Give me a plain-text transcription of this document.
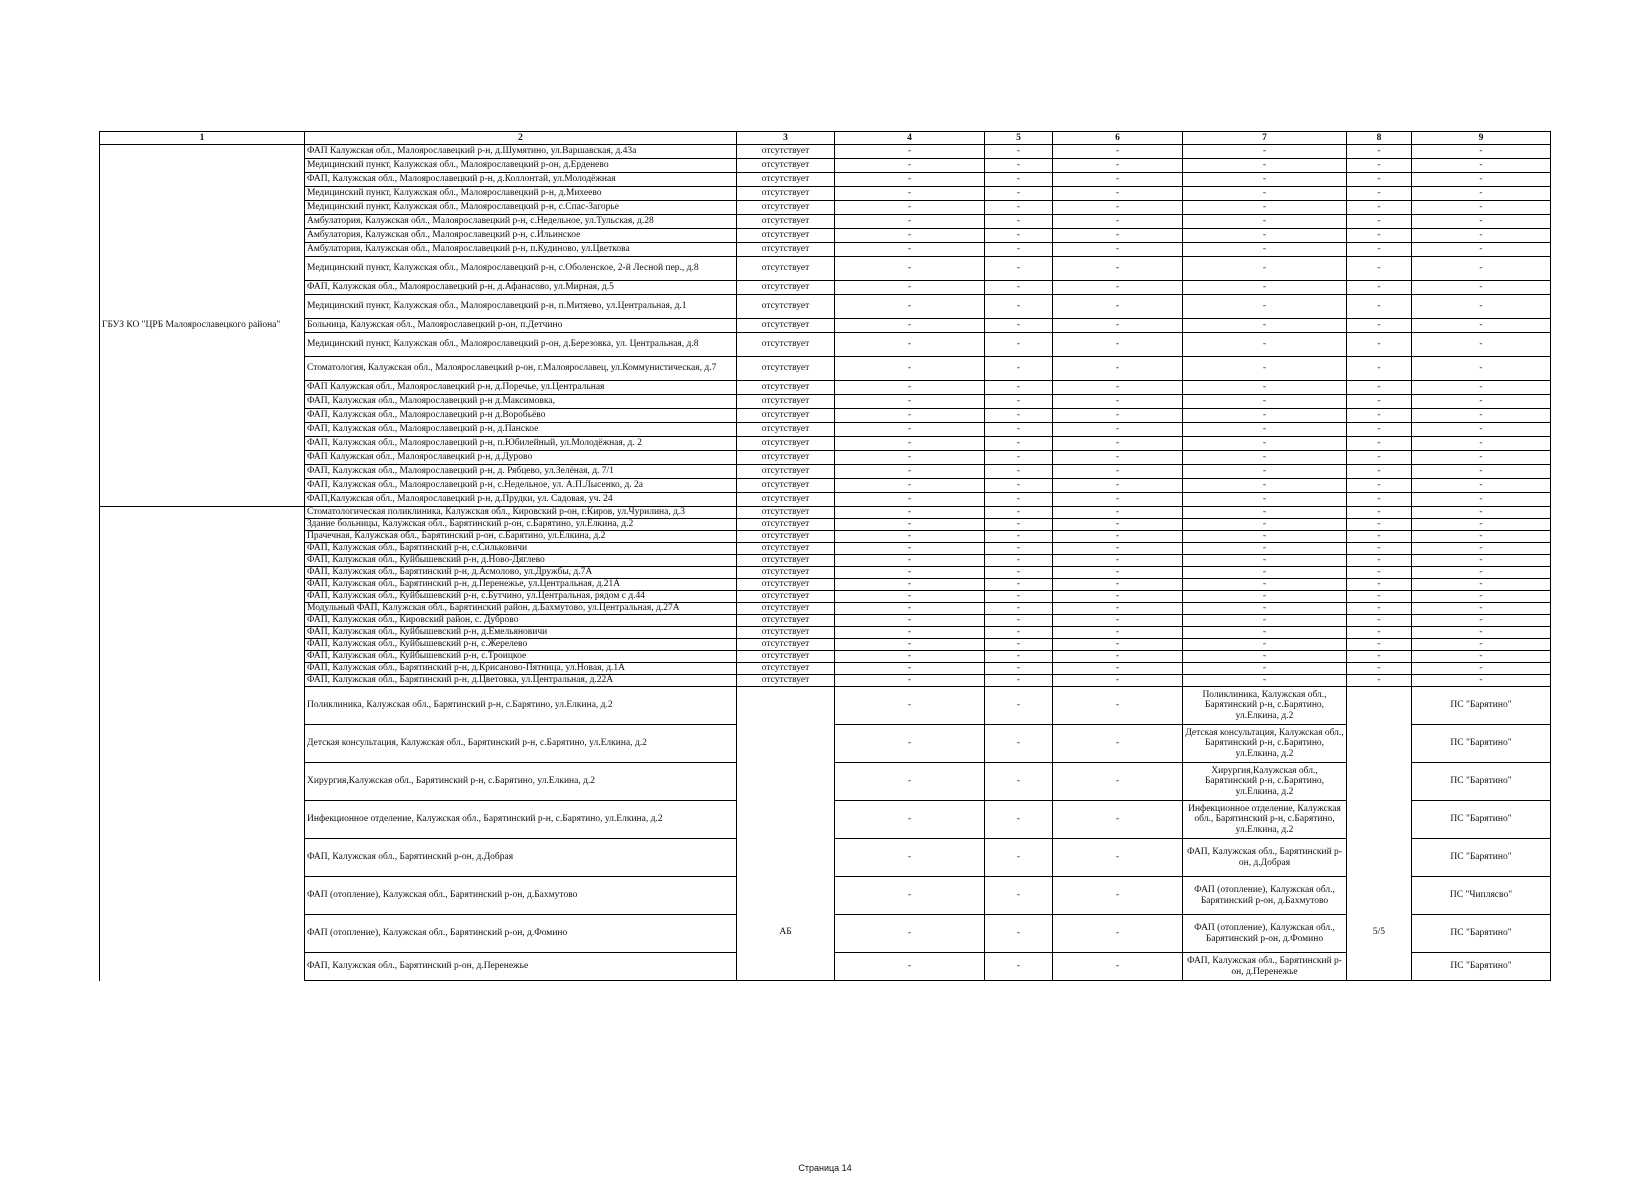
1	2	3	4	5	6	7	8	9
ГБУЗ КО "ЦРБ Малоярославецкого района"	ФАП Калужская обл., Малоярославецкий р-н, д.Шумятино, ул.Варшавская, д.43а	отсутствует	-	-	-	-	-	-
	Медицинский пункт, Калужская обл., Малоярославецкий р-он, д.Ерденево	отсутствует	-	-	-	-	-	-
	ФАП, Калужская обл., Малоярославецкий р-н, д.Коллонтай, ул.Молодёжная	отсутствует	-	-	-	-	-	-
	Медицинский пункт, Калужская обл., Малоярославецкий р-н, д.Михеево	отсутствует	-	-	-	-	-	-
	Медицинский пункт, Калужская обл., Малоярославецкий р-н, с.Спас-Загорье	отсутствует	-	-	-	-	-	-
	Амбулатория, Калужская обл., Малоярославецкий р-н, с.Недельное, ул.Тульская, д.28	отсутствует	-	-	-	-	-	-
	Амбулатория, Калужская обл., Малоярославецкий р-н, с.Ильинское	отсутствует	-	-	-	-	-	-
	Амбулатория, Калужская обл., Малоярославецкий р-н, п.Кудиново, ул.Цветкова	отсутствует	-	-	-	-	-	-
	Медицинский пункт, Калужская обл., Малоярославецкий р-н, с.Оболенское, 2-й Лесной пер., д.8	отсутствует	-	-	-	-	-	-
	ФАП, Калужская обл., Малоярославецкий р-н, д.Афанасово, ул.Мирная, д.5	отсутствует	-	-	-	-	-	-
	Медицинский пункт, Калужская обл., Малоярославецкий р-н, п.Митяево, ул.Центральная, д.1	отсутствует	-	-	-	-	-	-
	Больница, Калужская обл., Малоярославецкий р-он, п.Детчино	отсутствует	-	-	-	-	-	-
	Медицинский пункт, Калужская обл., Малоярославецкий р-он, д.Березовка, ул. Центральная, д.8	отсутствует	-	-	-	-	-	-
	Стоматология, Калужская обл., Малоярославецкий р-он, г.Малоярославец, ул.Коммунистическая, д.7	отсутствует	-	-	-	-	-	-
	ФАП Калужская обл., Малоярославецкий р-н, д.Поречье, ул.Центральная	отсутствует	-	-	-	-	-	-
	ФАП, Калужская обл., Малоярославецкий р-н д.Максимовка,	отсутствует	-	-	-	-	-	-
	ФАП, Калужская обл., Малоярославецкий р-н д.Воробьёво	отсутствует	-	-	-	-	-	-
	ФАП, Калужская обл., Малоярославецкий р-н, д.Панское	отсутствует	-	-	-	-	-	-
	ФАП, Калужская обл., Малоярославецкий р-н, п.Юбилейный, ул.Молодёжная, д. 2	отсутствует	-	-	-	-	-	-
	ФАП Калужская обл., Малоярославецкий р-н, д.Дурово	отсутствует	-	-	-	-	-	-
	ФАП, Калужская обл., Малоярославецкий р-н, д. Рябцево, ул.Зелёная, д. 7/1	отсутствует	-	-	-	-	-	-
	ФАП, Калужская обл., Малоярославецкий р-н, с.Недельное, ул. А.П.Лысенко, д. 2а	отсутствует	-	-	-	-	-	-
	ФАП,Калужская обл., Малоярославецкий р-н, д.Прудки, ул. Садовая, уч. 24	отсутствует	-	-	-	-	-	-
	Стоматологическая поликлиника, Калужская обл., Кировский р-он, г.Киров, ул.Чурилина, д.3	отсутствует	-	-	-	-	-	-
	Здание больницы, Калужская обл., Барятинский р-он, с.Барятино, ул.Елкина, д.2	отсутствует	-	-	-	-	-	-
	Прачечная, Калужская обл., Барятинский р-он, с.Барятино, ул.Елкина, д.2	отсутствует	-	-	-	-	-	-
	ФАП, Калужская обл., Барятинский р-н, с.Сильковичи	отсутствует	-	-	-	-	-	-
	ФАП, Калужская обл., Куйбышевский р-н, д.Ново-Дяглево	отсутствует	-	-	-	-	-	-
	ФАП, Калужская обл., Барятинский р-н, д.Асмолово, ул.Дружбы, д.7А	отсутствует	-	-	-	-	-	-
	ФАП, Калужская обл., Барятинский р-н, д.Перенежье, ул.Центральная, д.21А	отсутствует	-	-	-	-	-	-
	ФАП, Калужская обл., Куйбышевский р-н, с.Бутчино, ул.Центральная, рядом с д.44	отсутствует	-	-	-	-	-	-
	Модульный ФАП, Калужская обл., Барятинский район, д.Бахмутово, ул.Центральная, д.27А	отсутствует	-	-	-	-	-	-
	ФАП, Калужская обл., Кировский район, с. Дуброво	отсутствует	-	-	-	-	-	-
	ФАП, Калужская обл., Куйбышевский р-н, д.Емельяновичи	отсутствует	-	-	-	-	-	-
	ФАП, Калужская обл., Куйбышевский р-н, с.Жерелево	отсутствует	-	-	-	-	-	-
	ФАП, Калужская обл., Куйбышевский р-н, с.Троицкое	отсутствует	-	-	-	-	-	-
	ФАП, Калужская обл., Барятинский р-н, д.Крисаново-Пятница, ул.Новая, д.1А	отсутствует	-	-	-	-	-	-
	ФАП, Калужская обл., Барятинский р-н, д.Цветовка, ул.Центральная, д.22А	отсутствует	-	-	-	-	-	-
	Поликлиника, Калужская обл., Барятинский р-н, с.Барятино, ул.Елкина, д.2	АБ	-	-	-	Поликлиника, Калужская обл., Барятинский р-н, с.Барятино, ул.Елкина, д.2	5/5	ПС "Барятино"
	Детская консультация, Калужская обл., Барятинский р-н, с.Барятино, ул.Елкина, д.2		-	-	-	Детская консультация, Калужская обл., Барятинский р-н, с.Барятино, ул.Елкина, д.2		ПС "Барятино"
	Хирургия,Калужская обл., Барятинский р-н, с.Барятино, ул.Елкина, д.2		-	-	-	Хирургия,Калужская обл., Барятинский р-н, с.Барятино, ул.Елкина, д.2		ПС "Барятино"
	Инфекционное отделение, Калужская обл., Барятинский р-н, с.Барятино, ул.Елкина, д.2		-	-	-	Инфекционное отделение, Калужская обл., Барятинский р-н, с.Барятино, ул.Елкина, д.2		ПС "Барятино"
	ФАП, Калужская обл., Барятинский р-он, д.Добрая		-	-	-	ФАП, Калужская обл., Барятинский р-он, д.Добрая		ПС "Барятино"
	ФАП (отопление), Калужская обл., Барятинский р-он, д.Бахмутово		-	-	-	ФАП (отопление), Калужская обл., Барятинский р-он, д.Бахмутово		ПС "Чиплясво"
	ФАП (отопление), Калужская обл., Барятинский р-он, д.Фомино		-	-	-	ФАП (отопление), Калужская обл., Барятинский р-он, д.Фомино		ПС "Барятино"
	ФАП, Калужская обл., Барятинский р-он, д.Перенежье		-	-	-	ФАП, Калужская обл., Барятинский р-он, д.Перенежье		ПС "Барятино"
Страница 14
